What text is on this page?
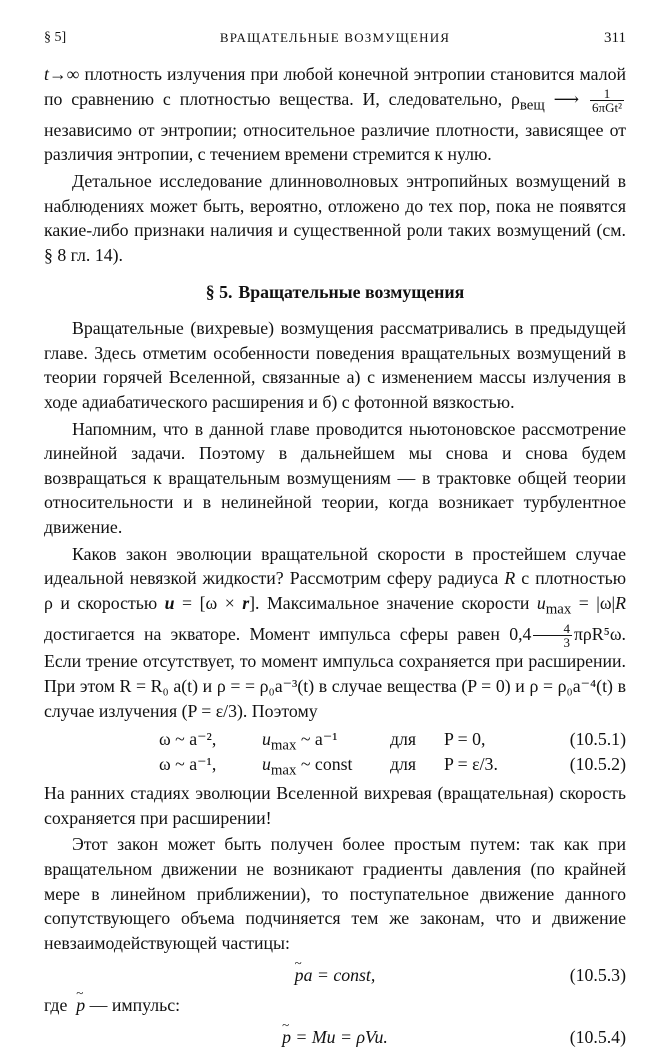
§ 5]	ВРАЩАТЕЛЬНЫЕ ВОЗМУЩЕНИЯ	311

t→∞ плотность излучения при любой конечной энтропии становится малой по сравнению с плотностью вещества. И, следовательно, $\rho_{вещ}$ ⟶ $\frac{1}{\text{6πGt²}}$
независимо от энтропии; относительное различие плотности, зависящее от различия энтропии, с течением времени стремится к нулю.

Детальное исследование длинноволновых энтропийных возмущений в наблюдениях может быть, вероятно, отложено до тех пор, пока не появятся какие-либо признаки наличия и существенной роли таких возмущений (см. § 8 гл. 14).

§ 5. Вращательные возмущения

Вращательные (вихревые) возмущения рассматривались в предыдущей главе. Здесь отметим особенности поведения вращательных возмущений в теории горячей Вселенной, связанные а) с изменением массы излучения в ходе адиабатического расширения и б) с фотонной вязкостью.

Напомним, что в данной главе проводится ньютоновское рассмотрение линейной задачи. Поэтому в дальнейшем мы снова и снова будем возвращаться к вращательным возмущениям — в трактовке общей теории относительности и в нелинейной теории, когда возникает турбулентное движение.

Каков закон эволюции вращательной скорости в простейшем случае идеальной невязкой жидкости? Рассмотрим сферу радиуса R с плотностью ρ и скоростью u = [ω × r]. Максимальное значение скорости $u_{max} = |\omega|R$ достигается на экваторе. Момент импульса сферы равен $0,4 \frac{4}{3} \pi\rho R^5\omega$. Если трение отсутствует, то момент импульса сохраняется при расширении. При этом R = R₀ a(t) и ρ = = ρ₀a⁻³(t) в случае вещества (P = 0) и ρ = ρ₀a⁻⁴(t) в случае излучения (P = ε/3). Поэтому

ω ~ a⁻²,	$u_{max}$ ~ a⁻¹	для P = 0,	(10.5.1)
ω ~ a⁻¹,	$u_{max}$ ~ const для P = ε/3.	(10.5.2)

На ранних стадиях эволюции Вселенной вихревая (вращательная) скорость сохраняется при расширении!

Этот закон может быть получен более простым путем: так как при вращательном движении не возникают градиенты давления (по крайней мере в линейном приближении), то поступательное движение данного сопутствующего объема подчиняется тем же законам, что и движение невзаимодействующей частицы:

~ pa = const,	(10.5.3)
где  ~ p — импульс:
~ p = Mu = ρVu.	(10.5.4)
